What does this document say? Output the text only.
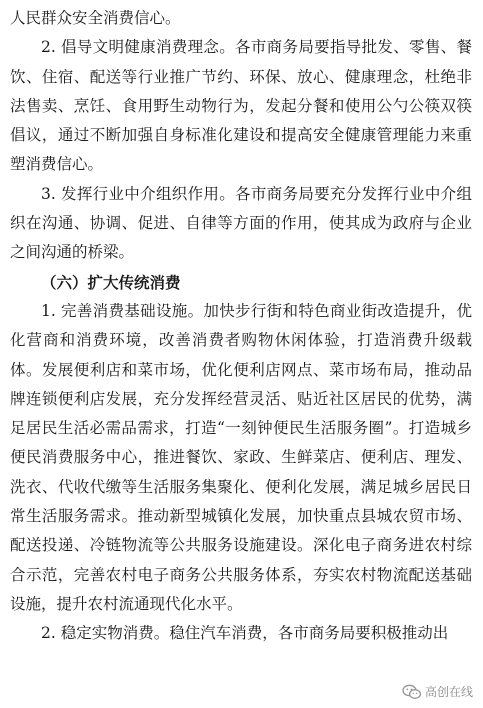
人民群众安全消费信心。

2. 倡导文明健康消费理念。各市商务局要指导批发、零售、餐饮、住宿、配送等行业推广节约、环保、放心、健康理念，杜绝非法售卖、烹饪、食用野生动物行为，发起分餐和使用公勺公筷双筷倡议，通过不断加强自身标准化建设和提高安全健康管理能力来重塑消费信心。

3. 发挥行业中介组织作用。各市商务局要充分发挥行业中介组织在沟通、协调、促进、自律等方面的作用，使其成为政府与企业之间沟通的桥梁。

（六）扩大传统消费

1. 完善消费基础设施。加快步行街和特色商业街改造提升，优化营商和消费环境，改善消费者购物休闲体验，打造消费升级载体。发展便利店和菜市场，优化便利店网点、菜市场布局，推动品牌连锁便利店发展，充分发挥经营灵活、贴近社区居民的优势，满足居民生活必需品需求，打造“一刻钟便民生活服务圈”。打造城乡便民消费服务中心，推进餐饮、家政、生鲜菜店、便利店、理发、洗衣、代收代缴等生活服务集聚化、便利化发展，满足城乡居民日常生活服务需求。推动新型城镇化发展，加快重点县城农贸市场、配送投递、冷链物流等公共服务设施建设。深化电子商务进农村综合示范，完善农村电子商务公共服务体系，夯实农村物流配送基础设施，提升农村流通现代化水平。

2. 稳定实物消费。稳住汽车消费，各市商务局要积极推动出

高创在线
